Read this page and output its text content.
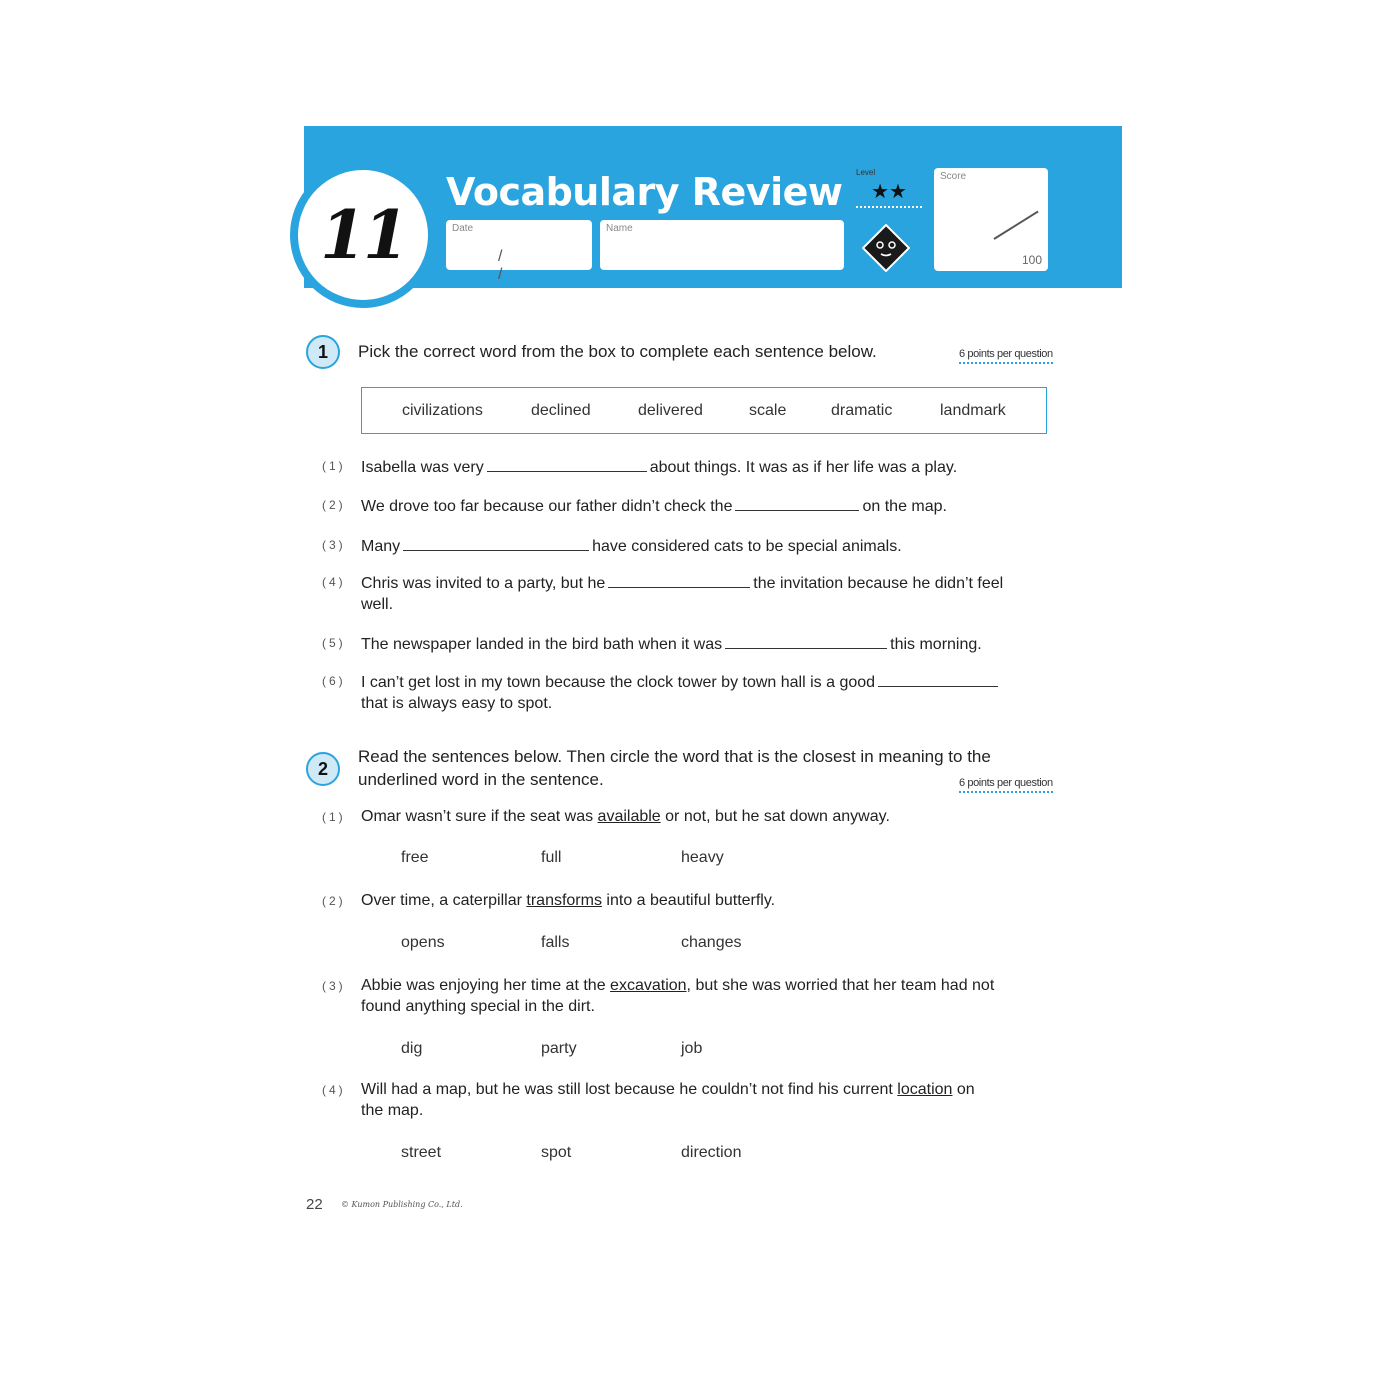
11
Vocabulary Review
Date
/ /
Name
Level
★★
Score
100
1	Pick the correct word from the box to complete each sentence below.	6 points per question
civilizations	declined	delivered	scale	dramatic	landmark
(1) Isabella was very	about things. It was as if her life was a play.
(2) We drove too far because our father didn’t check the	on the map.
(3) Many	have considered cats to be special animals.
(4) Chris was invited to a party, but he	the invitation because he didn’t feel
well.
(5) The newspaper landed in the bird bath when it was	this morning.
(6) I can’t get lost in my town because the clock tower by town hall is a good
that is always easy to spot.
2
Read the sentences below. Then circle the word that is the closest in meaning to the
underlined word in the sentence.	6 points per question
(1) Omar wasn’t sure if the seat was available or not, but he sat down anyway.
free	full	heavy
(2) Over time, a caterpillar transforms into a beautiful butterfly.
opens	falls	changes
(3) Abbie was enjoying her time at the excavation, but she was worried that her team had not
found anything special in the dirt.
dig	party	job
(4) Will had a map, but he was still lost because he couldn’t not find his current location on
the map.
street	spot	direction
22 © Kumon Publishing Co., Ltd.
